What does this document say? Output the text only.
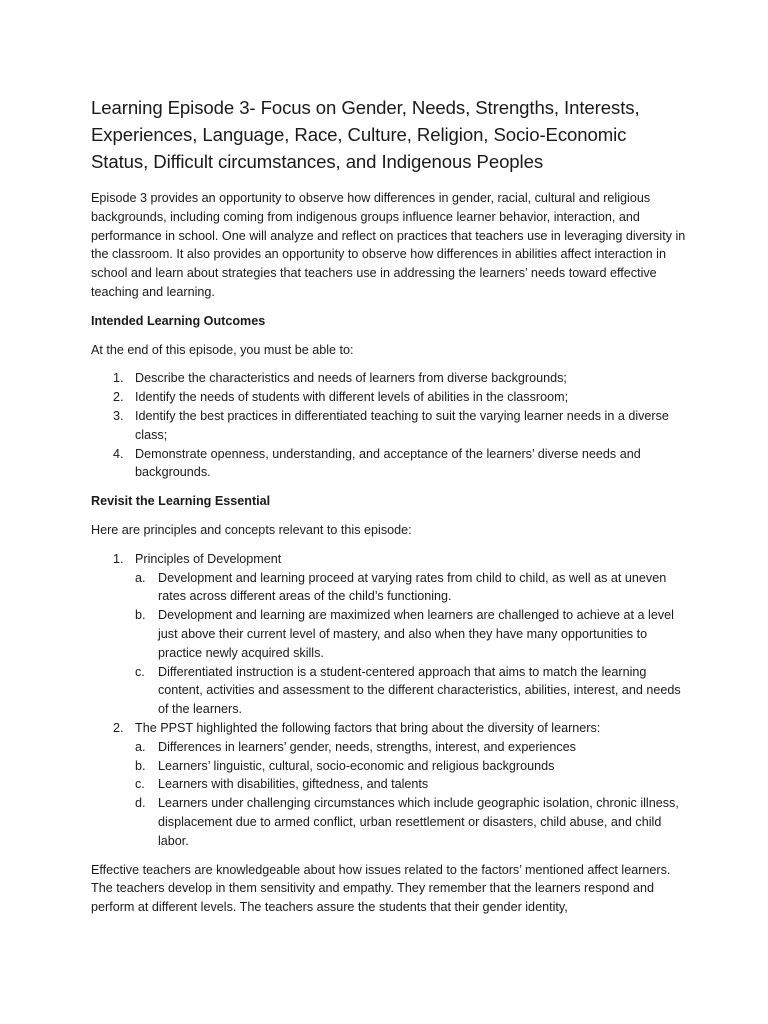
Learning Episode 3- Focus on Gender, Needs, Strengths, Interests, Experiences, Language, Race, Culture, Religion, Socio-Economic Status, Difficult circumstances, and Indigenous Peoples

Episode 3 provides an opportunity to observe how differences in gender, racial, cultural and religious backgrounds, including coming from indigenous groups influence learner behavior, interaction, and performance in school. One will analyze and reflect on practices that teachers use in leveraging diversity in the classroom. It also provides an opportunity to observe how differences in abilities affect interaction in school and learn about strategies that teachers use in addressing the learners’ needs toward effective teaching and learning.

Intended Learning Outcomes

At the end of this episode, you must be able to:

1. Describe the characteristics and needs of learners from diverse backgrounds;
2. Identify the needs of students with different levels of abilities in the classroom;
3. Identify the best practices in differentiated teaching to suit the varying learner needs in a diverse class;
4. Demonstrate openness, understanding, and acceptance of the learners’ diverse needs and backgrounds.

Revisit the Learning Essential

Here are principles and concepts relevant to this episode:

1. Principles of Development
a. Development and learning proceed at varying rates from child to child, as well as at uneven rates across different areas of the child’s functioning.
b. Development and learning are maximized when learners are challenged to achieve at a level just above their current level of mastery, and also when they have many opportunities to practice newly acquired skills.
c. Differentiated instruction is a student-centered approach that aims to match the learning content, activities and assessment to the different characteristics, abilities, interest, and needs of the learners.
2. The PPST highlighted the following factors that bring about the diversity of learners:
a. Differences in learners’ gender, needs, strengths, interest, and experiences
b. Learners’ linguistic, cultural, socio-economic and religious backgrounds
c. Learners with disabilities, giftedness, and talents
d. Learners under challenging circumstances which include geographic isolation, chronic illness, displacement due to armed conflict, urban resettlement or disasters, child abuse, and child labor.

Effective teachers are knowledgeable about how issues related to the factors’ mentioned affect learners. The teachers develop in them sensitivity and empathy. They remember that the learners respond and perform at different levels. The teachers assure the students that their gender identity,
